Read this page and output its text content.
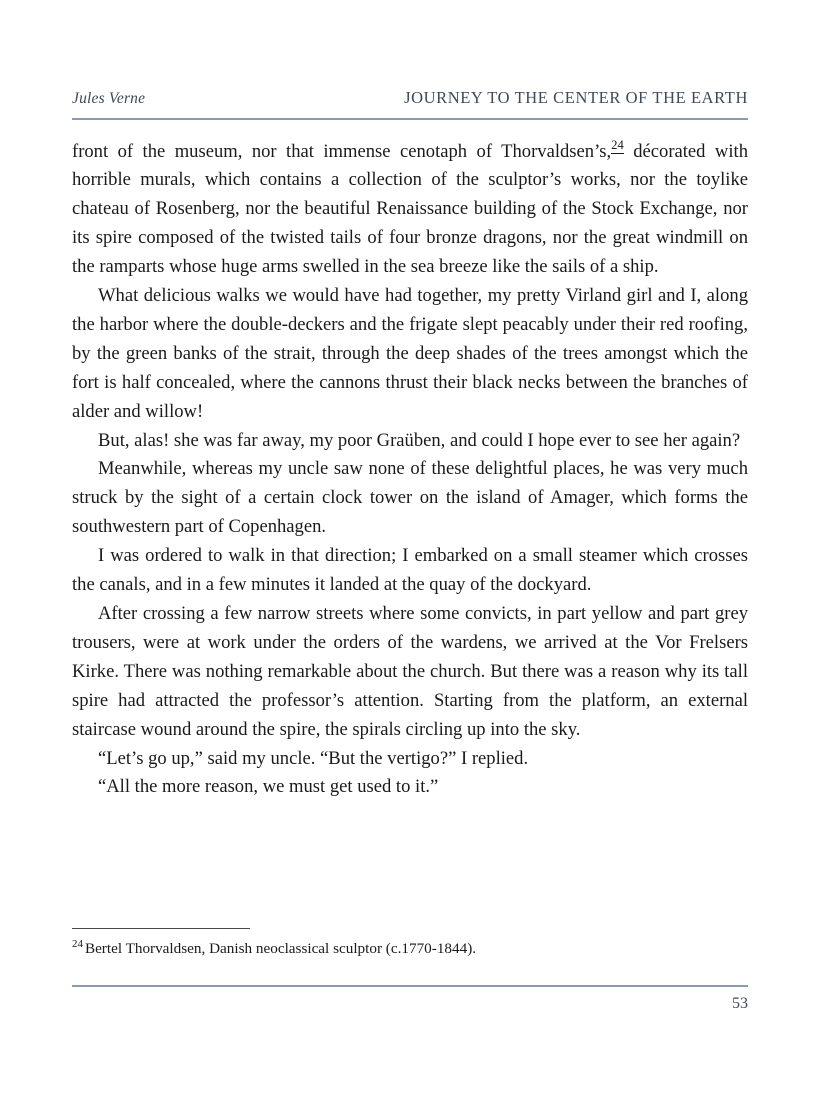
Jules Verne	JOURNEY TO THE CENTER OF THE EARTH

front of the museum, nor that immense cenotaph of Thorvaldsen’s,$^{24}$ décorated with horrible murals, which contains a collection of the sculptor’s works, nor the toylike chateau of Rosenberg, nor the beautiful Renaissance building of the Stock Exchange, nor its spire composed of the twisted tails of four bronze dragons, nor the great windmill on the ramparts whose huge arms swelled in the sea breeze like the sails of a ship.

What delicious walks we would have had together, my pretty Virland girl and I, along the harbor where the double-deckers and the frigate slept peacably under their red roofing, by the green banks of the strait, through the deep shades of the trees amongst which the fort is half concealed, where the cannons thrust their black necks between the branches of alder and willow!

But, alas! she was far away, my poor Graüben, and could I hope ever to see her again?

Meanwhile, whereas my uncle saw none of these delightful places, he was very much struck by the sight of a certain clock tower on the island of Amager, which forms the southwestern part of Copenhagen.

I was ordered to walk in that direction; I embarked on a small steamer which crosses the canals, and in a few minutes it landed at the quay of the dockyard.

After crossing a few narrow streets where some convicts, in part yellow and part grey trousers, were at work under the orders of the wardens, we arrived at the Vor Frelsers Kirke. There was nothing remarkable about the church. But there was a reason why its tall spire had attracted the professor’s attention. Starting from the platform, an external staircase wound around the spire, the spirals circling up into the sky.

“Let’s go up,” said my uncle. “But the vertigo?” I replied.

“All the more reason, we must get used to it.”

$^{24}$ Bertel Thorvaldsen, Danish neoclassical sculptor (c.1770-1844).

53
